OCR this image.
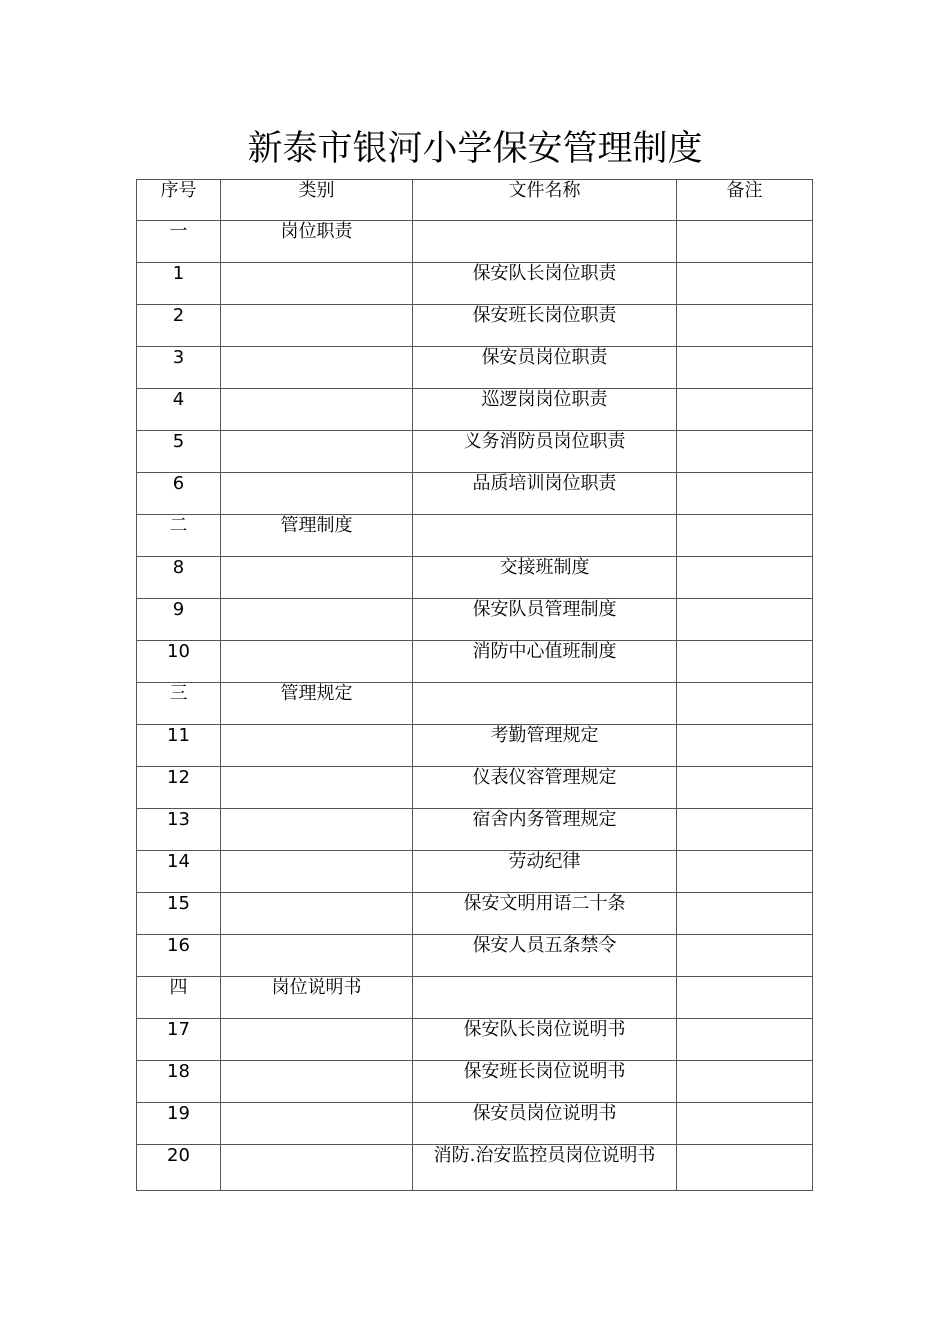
新泰市银河小学保安管理制度
序号	类别	文件名称	备注
一	岗位职责		
1		保安队长岗位职责	
2		保安班长岗位职责	
3		保安员岗位职责	
4		巡逻岗岗位职责	
5		义务消防员岗位职责	
6		品质培训岗位职责	
二	管理制度		
8		交接班制度	
9		保安队员管理制度	
10		消防中心值班制度	
三	管理规定		
11		考勤管理规定	
12		仪表仪容管理规定	
13		宿舍内务管理规定	
14		劳动纪律	
15		保安文明用语二十条	
16		保安人员五条禁令	
四	岗位说明书		
17		保安队长岗位说明书	
18		保安班长岗位说明书	
19		保安员岗位说明书	
20		消防.治安监控员岗位说明书	
